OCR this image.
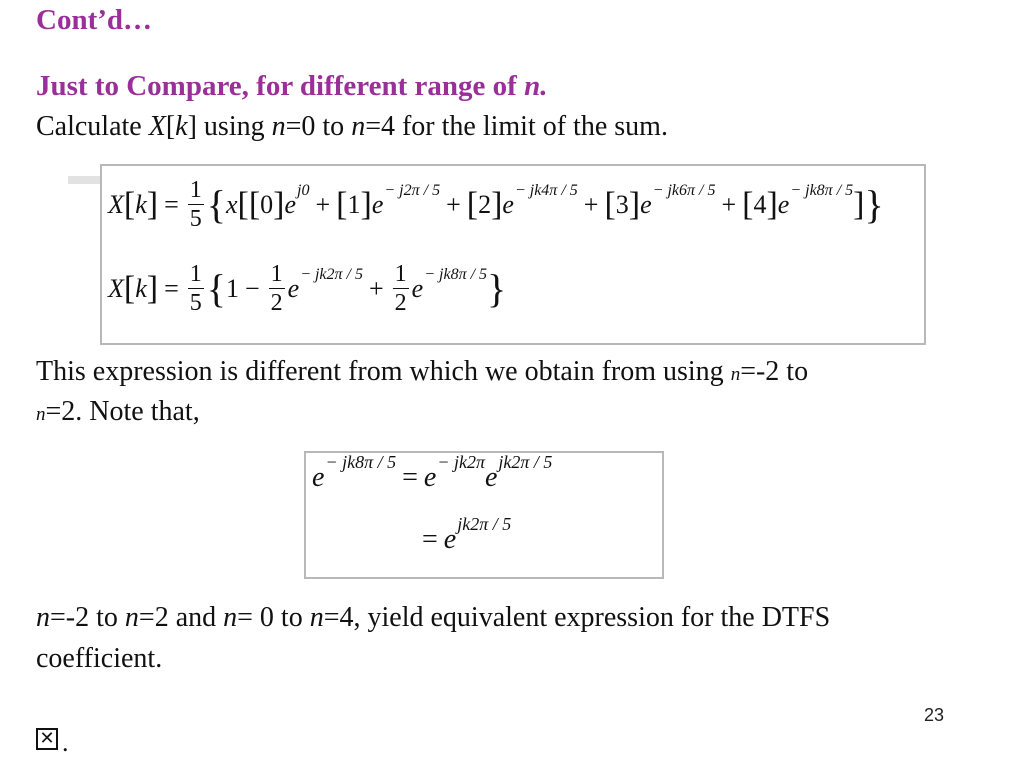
Cont’d…
Just to Compare, for different range of n.
Calculate X[k] using n=0 to n=4 for the limit of the sum.
X [ k ] = $\frac{1}{5}$ { x [[ 0 ] $e^{j0}$ + [ 1 ] $e^{- j2\pi / 5}$ + [ 2 ] $e^{- jk4\pi / 5}$ + [ 3 ] $e^{- jk6\pi / 5}$ + [ 4 ] $e^{- jk8\pi / 5}$ ] }
X [ k ] = $\frac{1}{5}$ { $1 - \frac{1}{2} e^{- jk2\pi / 5} + \frac{1}{2} e^{- jk8\pi / 5}$ }
This expression is different from which we obtain from using n=-2 to
n=2. Note that,
e
$^{- jk8\pi / 5}$
= e
$^{- jk2\pi}$
e
$^{jk2\pi / 5}$
= e
$^{jk2\pi / 5}$
n=-2 to n=2 and n= 0 to n=4, yield equivalent expression for the DTFS
coefficient.
23
✕ .
